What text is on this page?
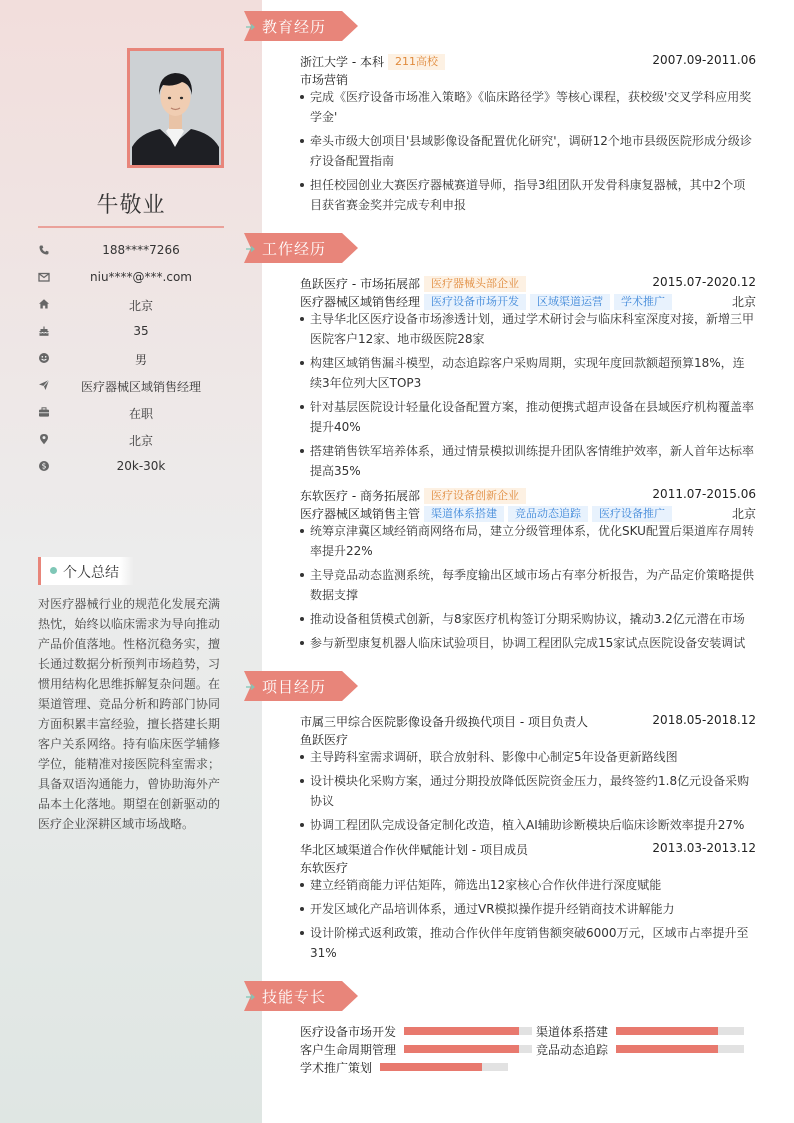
牛敬业
188****7266
niu****@***.com
北京
35
男
医疗器械区域销售经理
在职
北京
$	20k-30k
个人总结
对医疗器械行业的规范化发展充满热忱，始终以临床需求为导向推动产品价值落地。性格沉稳务实，擅长通过数据分析预判市场趋势，习惯用结构化思维拆解复杂问题。在渠道管理、竞品分析和跨部门协同方面积累丰富经验，擅长搭建长期客户关系网络。持有临床医学辅修学位，能精准对接医院科室需求；具备双语沟通能力，曾协助海外产品本土化落地。期望在创新驱动的医疗企业深耕区域市场战略。
教育经历
浙江大学 - 本科 211高校	2007.09-2011.06
市场营销
完成《医疗设备市场准入策略》《临床路径学》等核心课程，获校级'交叉学科应用奖学金'
牵头市级大创项目'县域影像设备配置优化研究'，调研12个地市县级医院形成分级诊疗设备配置指南
担任校园创业大赛医疗器械赛道导师，指导3组团队开发骨科康复器械，其中2个项目获省赛金奖并完成专利申报
工作经历
鱼跃医疗 - 市场拓展部 医疗器械头部企业	2015.07-2020.12
医疗器械区域销售经理 医疗设备市场开发 区域渠道运营 学术推广	北京
主导华北区医疗设备市场渗透计划，通过学术研讨会与临床科室深度对接，新增三甲医院客户12家、地市级医院28家
构建区域销售漏斗模型，动态追踪客户采购周期，实现年度回款额超预算18%，连续3年位列大区TOP3
针对基层医院设计轻量化设备配置方案，推动便携式超声设备在县域医疗机构覆盖率提升40%
搭建销售铁军培养体系，通过情景模拟训练提升团队客情维护效率，新人首年达标率提高35%
东软医疗 - 商务拓展部 医疗设备创新企业	2011.07-2015.06
医疗器械区域销售主管 渠道体系搭建 竞品动态追踪 医疗设备推广	北京
统筹京津冀区域经销商网络布局，建立分级管理体系，优化SKU配置后渠道库存周转率提升22%
主导竞品动态监测系统，每季度输出区域市场占有率分析报告，为产品定价策略提供数据支撑
推动设备租赁模式创新，与8家医疗机构签订分期采购协议，撬动3.2亿元潜在市场
参与新型康复机器人临床试验项目，协调工程团队完成15家试点医院设备安装调试
项目经历
市属三甲综合医院影像设备升级换代项目 - 项目负责人	2018.05-2018.12
鱼跃医疗
主导跨科室需求调研，联合放射科、影像中心制定5年设备更新路线图
设计模块化采购方案，通过分期投放降低医院资金压力，最终签约1.8亿元设备采购协议
协调工程团队完成设备定制化改造，植入AI辅助诊断模块后临床诊断效率提升27%
华北区域渠道合作伙伴赋能计划 - 项目成员	2013.03-2013.12
东软医疗
建立经销商能力评估矩阵，筛选出12家核心合作伙伴进行深度赋能
开发区域化产品培训体系，通过VR模拟操作提升经销商技术讲解能力
设计阶梯式返利政策，推动合作伙伴年度销售额突破6000万元，区域市占率提升至31%
技能专长
医疗设备市场开发	渠道体系搭建
客户生命周期管理	竞品动态追踪
学术推广策划
